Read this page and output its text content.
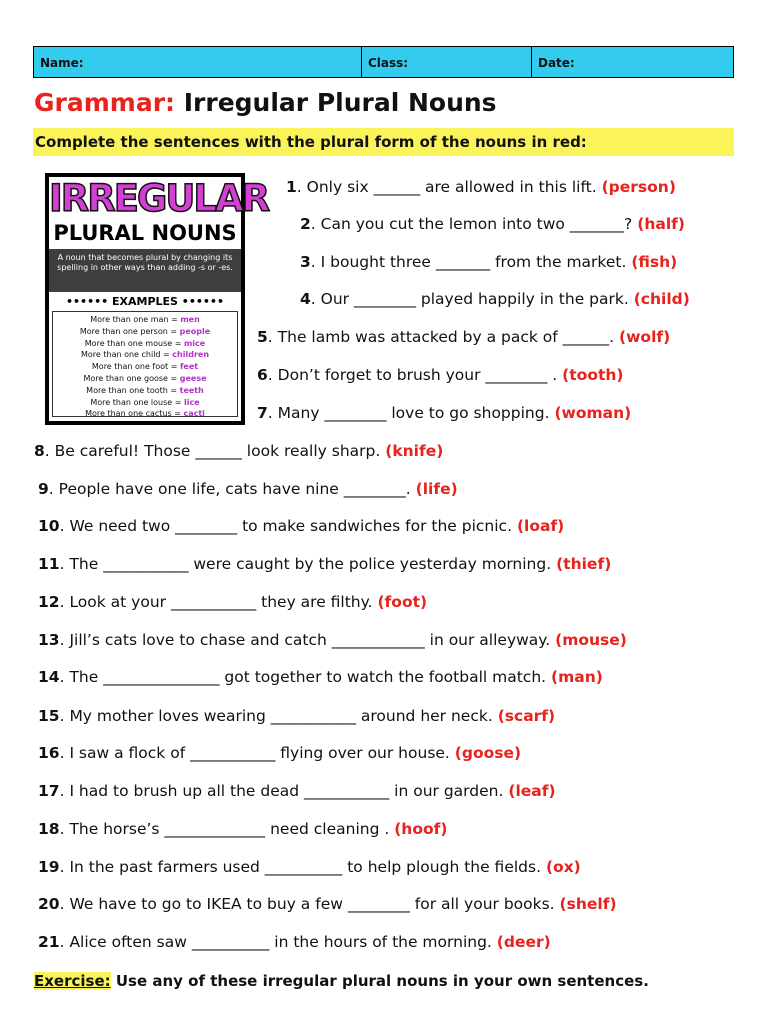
Name:	Class:	Date:
Grammar: Irregular Plural Nouns
Complete the sentences with the plural form of the nouns in red:
IRREGULAR
PLURAL NOUNS
A noun that becomes plural by changing its spelling in other ways than adding -s or -es.
•••••• EXAMPLES ••••••
More than one man = men
More than one person = people
More than one mouse = mice
More than one child = children
More than one foot = feet
More than one goose = geese
More than one tooth = teeth
More than one louse = lice
More than one cactus = cacti
1. Only six ______ are allowed in this lift. (person)
2. Can you cut the lemon into two _______? (half)
3. I bought three _______ from the market. (fish)
4. Our ________ played happily in the park. (child)
5. The lamb was attacked by a pack of ______. (wolf)
6. Don’t forget to brush your ________ . (tooth)
7. Many ________ love to go shopping. (woman)
8. Be careful! Those ______ look really sharp. (knife)
9. People have one life, cats have nine ________. (life)
10. We need two ________ to make sandwiches for the picnic. (loaf)
11. The ___________ were caught by the police yesterday morning. (thief)
12. Look at your ___________ they are filthy. (foot)
13. Jill’s cats love to chase and catch ____________ in our alleyway. (mouse)
14. The _______________ got together to watch the football match. (man)
15. My mother loves wearing ___________ around her neck. (scarf)
16. I saw a flock of ___________ flying over our house. (goose)
17. I had to brush up all the dead ___________ in our garden. (leaf)
18. The horse’s _____________ need cleaning . (hoof)
19. In the past farmers used __________ to help plough the fields. (ox)
20. We have to go to IKEA to buy a few ________ for all your books. (shelf)
21. Alice often saw __________ in the hours of the morning. (deer)
Exercise: Use any of these irregular plural nouns in your own sentences.
